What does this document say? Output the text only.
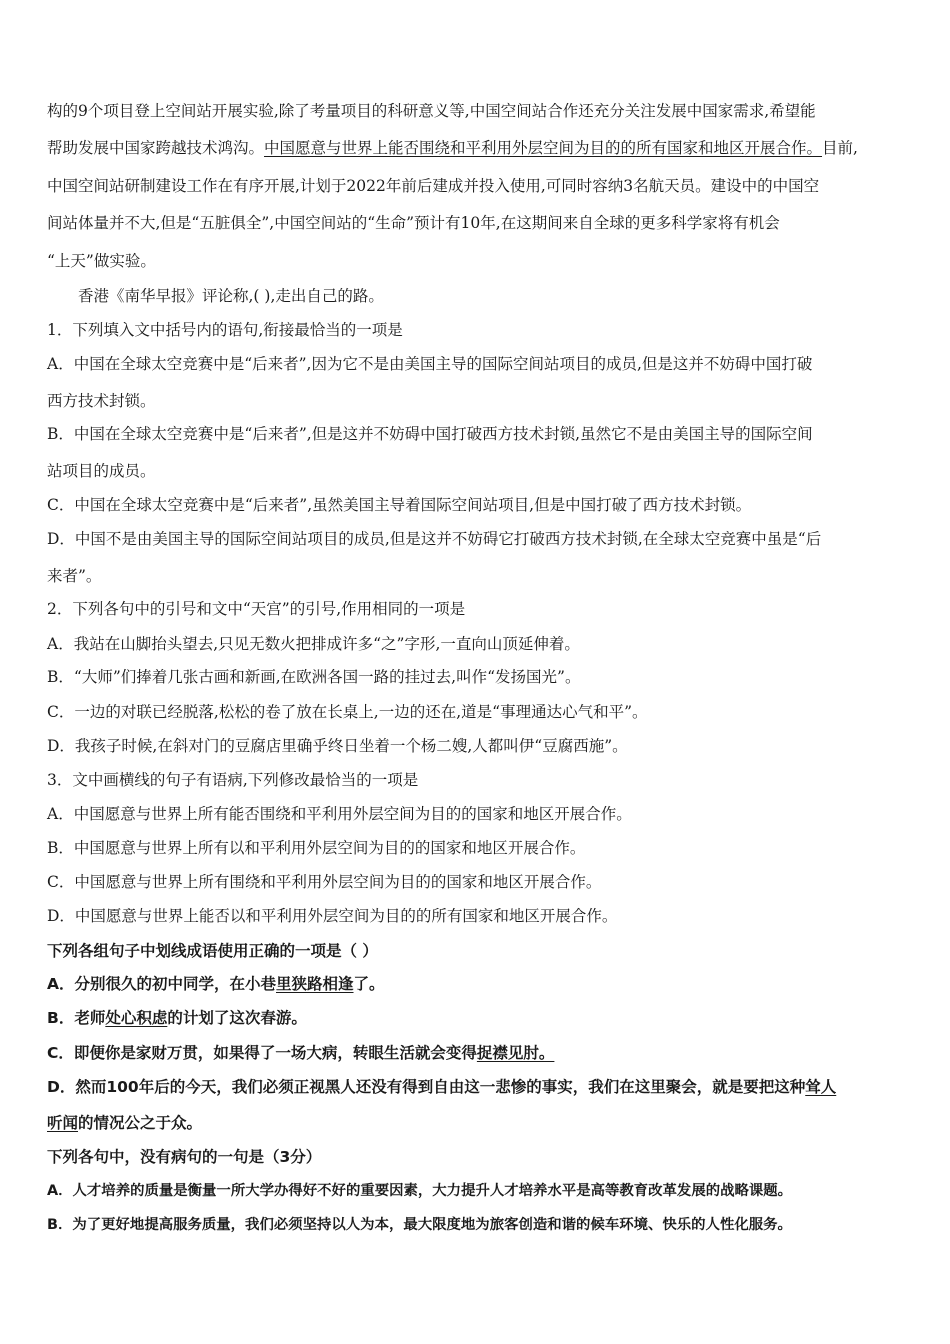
构的9个项目登上空间站开展实验,除了考量项目的科研意义等,中国空间站合作还充分关注发展中国家需求,希望能
帮助发展中国家跨越技术鸿沟。中国愿意与世界上能否围绕和平利用外层空间为目的的所有国家和地区开展合作。目前,
中国空间站研制建设工作在有序开展,计划于2022年前后建成并投入使用,可同时容纳3名航天员。建设中的中国空
间站体量并不大,但是“五脏俱全”,中国空间站的“生命”预计有10年,在这期间来自全球的更多科学家将有机会
“上天”做实验。
香港《南华早报》评论称,( ),走出自己的路。
1．下列填入文中括号内的语句,衔接最恰当的一项是
A．中国在全球太空竞赛中是“后来者”,因为它不是由美国主导的国际空间站项目的成员,但是这并不妨碍中国打破
西方技术封锁。
B．中国在全球太空竞赛中是“后来者”,但是这并不妨碍中国打破西方技术封锁,虽然它不是由美国主导的国际空间
站项目的成员。
C．中国在全球太空竞赛中是“后来者”,虽然美国主导着国际空间站项目,但是中国打破了西方技术封锁。
D．中国不是由美国主导的国际空间站项目的成员,但是这并不妨碍它打破西方技术封锁,在全球太空竞赛中虽是“后
来者”。
2．下列各句中的引号和文中“天宫”的引号,作用相同的一项是
A．我站在山脚抬头望去,只见无数火把排成许多“之”字形,一直向山顶延伸着。
B．“大师”们捧着几张古画和新画,在欧洲各国一路的挂过去,叫作“发扬国光”。
C．一边的对联已经脱落,松松的卷了放在长桌上,一边的还在,道是“事理通达心气和平”。
D．我孩子时候,在斜对门的豆腐店里确乎终日坐着一个杨二嫂,人都叫伊“豆腐西施”。
3．文中画横线的句子有语病,下列修改最恰当的一项是
A．中国愿意与世界上所有能否围绕和平利用外层空间为目的的国家和地区开展合作。
B．中国愿意与世界上所有以和平利用外层空间为目的的国家和地区开展合作。
C．中国愿意与世界上所有围绕和平利用外层空间为目的的国家和地区开展合作。
D．中国愿意与世界上能否以和平利用外层空间为目的的所有国家和地区开展合作。
下列各组句子中划线成语使用正确的一项是（ ）
A．分别很久的初中同学，在小巷里狭路相逢了。
B．老师处心积虑的计划了这次春游。
C．即便你是家财万贯，如果得了一场大病，转眼生活就会变得捉襟见肘。
D．然而100年后的今天，我们必须正视黑人还没有得到自由这一悲惨的事实，我们在这里聚会，就是要把这种耸人
听闻的情况公之于众。
下列各句中，没有病句的一句是（3分）
A．人才培养的质量是衡量一所大学办得好不好的重要因素，大力提升人才培养水平是高等教育改革发展的战略课题。
B．为了更好地提高服务质量，我们必须坚持以人为本，最大限度地为旅客创造和谐的候车环境、快乐的人性化服务。
